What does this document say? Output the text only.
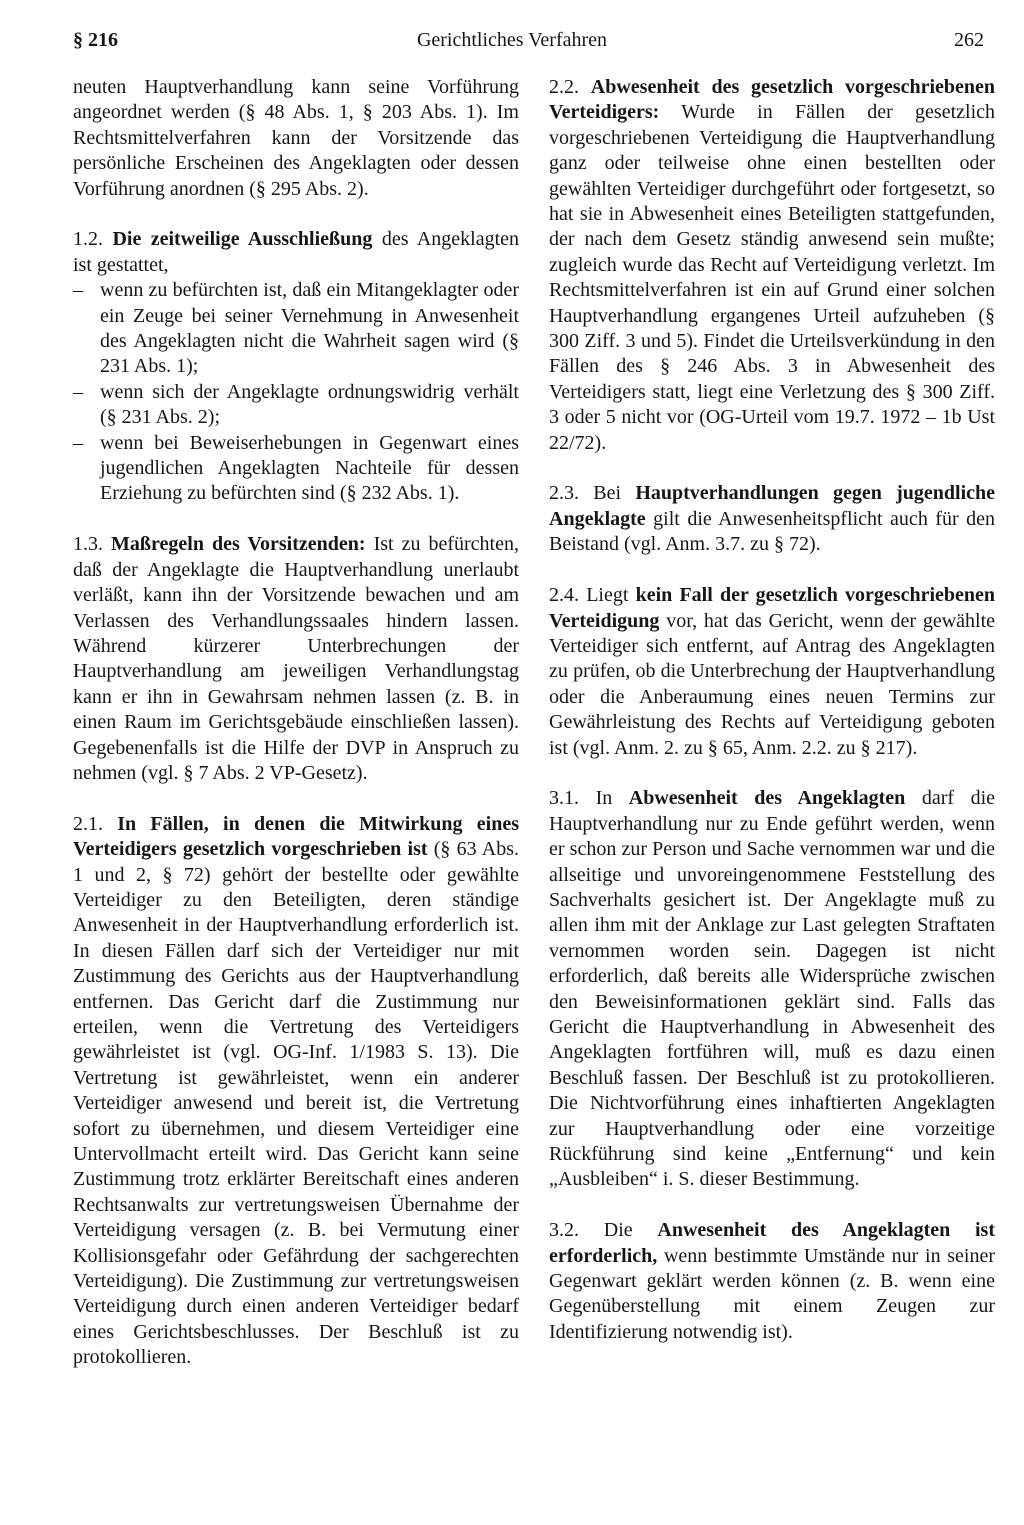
§ 216	Gerichtliches Verfahren	262

neuten Hauptverhandlung kann seine Vorführung angeordnet werden (§ 48 Abs. 1, § 203 Abs. 1). Im Rechtsmittelverfahren kann der Vorsitzende das persönliche Erscheinen des Angeklagten oder dessen Vorführung anordnen (§ 295 Abs. 2).

1.2. Die zeitweilige Ausschließung des Angeklagten ist gestattet,

– wenn zu befürchten ist, daß ein Mitangeklagter oder ein Zeuge bei seiner Vernehmung in Anwesenheit des Angeklagten nicht die Wahrheit sagen wird (§ 231 Abs. 1);
– wenn sich der Angeklagte ordnungswidrig verhält (§ 231 Abs. 2);
– wenn bei Beweiserhebungen in Gegenwart eines jugendlichen Angeklagten Nachteile für dessen Erziehung zu befürchten sind (§ 232 Abs. 1).

1.3. Maßregeln des Vorsitzenden: Ist zu befürchten, daß der Angeklagte die Hauptverhandlung unerlaubt verläßt, kann ihn der Vorsitzende bewachen und am Verlassen des Verhandlungssaales hindern lassen. Während kürzerer Unterbrechungen der Hauptverhandlung am jeweiligen Verhandlungstag kann er ihn in Gewahrsam nehmen lassen (z. B. in einen Raum im Gerichtsgebäude einschließen lassen). Gegebenenfalls ist die Hilfe der DVP in Anspruch zu nehmen (vgl. § 7 Abs. 2 VP-Gesetz).

2.1. In Fällen, in denen die Mitwirkung eines Verteidigers gesetzlich vorgeschrieben ist (§ 63 Abs. 1 und 2, § 72) gehört der bestellte oder gewählte Verteidiger zu den Beteiligten, deren ständige Anwesenheit in der Hauptverhandlung erforderlich ist. In diesen Fällen darf sich der Verteidiger nur mit Zustimmung des Gerichts aus der Hauptverhandlung entfernen. Das Gericht darf die Zustimmung nur erteilen, wenn die Vertretung des Verteidigers gewährleistet ist (vgl. OG-Inf. 1/1983 S. 13). Die Vertretung ist gewährleistet, wenn ein anderer Verteidiger anwesend und bereit ist, die Vertretung sofort zu übernehmen, und diesem Verteidiger eine Untervollmacht erteilt wird. Das Gericht kann seine Zustimmung trotz erklärter Bereitschaft eines anderen Rechtsanwalts zur vertretungsweisen Übernahme der Verteidigung versagen (z. B. bei Vermutung einer Kollisionsgefahr oder Gefährdung der sachgerechten Verteidigung). Die Zustimmung zur vertretungsweisen Verteidigung durch einen anderen Verteidiger bedarf eines Gerichtsbeschlusses. Der Beschluß ist zu protokollieren.

2.2. Abwesenheit des gesetzlich vorgeschriebenen Verteidigers: Wurde in Fällen der gesetzlich vorgeschriebenen Verteidigung die Hauptverhandlung ganz oder teilweise ohne einen bestellten oder gewählten Verteidiger durchgeführt oder fortgesetzt, so hat sie in Abwesenheit eines Beteiligten stattgefunden, der nach dem Gesetz ständig anwesend sein mußte; zugleich wurde das Recht auf Verteidigung verletzt. Im Rechtsmittelverfahren ist ein auf Grund einer solchen Hauptverhandlung ergangenes Urteil aufzuheben (§ 300 Ziff. 3 und 5). Findet die Urteilsverkündung in den Fällen des § 246 Abs. 3 in Abwesenheit des Verteidigers statt, liegt eine Verletzung des § 300 Ziff. 3 oder 5 nicht vor (OG-Urteil vom 19.7. 1972 – 1b Ust 22/72).

2.3. Bei Hauptverhandlungen gegen jugendliche Angeklagte gilt die Anwesenheitspflicht auch für den Beistand (vgl. Anm. 3.7. zu § 72).

2.4. Liegt kein Fall der gesetzlich vorgeschriebenen Verteidigung vor, hat das Gericht, wenn der gewählte Verteidiger sich entfernt, auf Antrag des Angeklagten zu prüfen, ob die Unterbrechung der Hauptverhandlung oder die Anberaumung eines neuen Termins zur Gewährleistung des Rechts auf Verteidigung geboten ist (vgl. Anm. 2. zu § 65, Anm. 2.2. zu § 217).

3.1. In Abwesenheit des Angeklagten darf die Hauptverhandlung nur zu Ende geführt werden, wenn er schon zur Person und Sache vernommen war und die allseitige und unvoreingenommene Feststellung des Sachverhalts gesichert ist. Der Angeklagte muß zu allen ihm mit der Anklage zur Last gelegten Straftaten vernommen worden sein. Dagegen ist nicht erforderlich, daß bereits alle Widersprüche zwischen den Beweisinformationen geklärt sind. Falls das Gericht die Hauptverhandlung in Abwesenheit des Angeklagten fortführen will, muß es dazu einen Beschluß fassen. Der Beschluß ist zu protokollieren. Die Nichtvorführung eines inhaftierten Angeklagten zur Hauptverhandlung oder eine vorzeitige Rückführung sind keine „Entfernung“ und kein „Ausbleiben“ i. S. dieser Bestimmung.

3.2. Die Anwesenheit des Angeklagten ist erforderlich, wenn bestimmte Umstände nur in seiner Gegenwart geklärt werden können (z. B. wenn eine Gegenüberstellung mit einem Zeugen zur Identifizierung notwendig ist).
